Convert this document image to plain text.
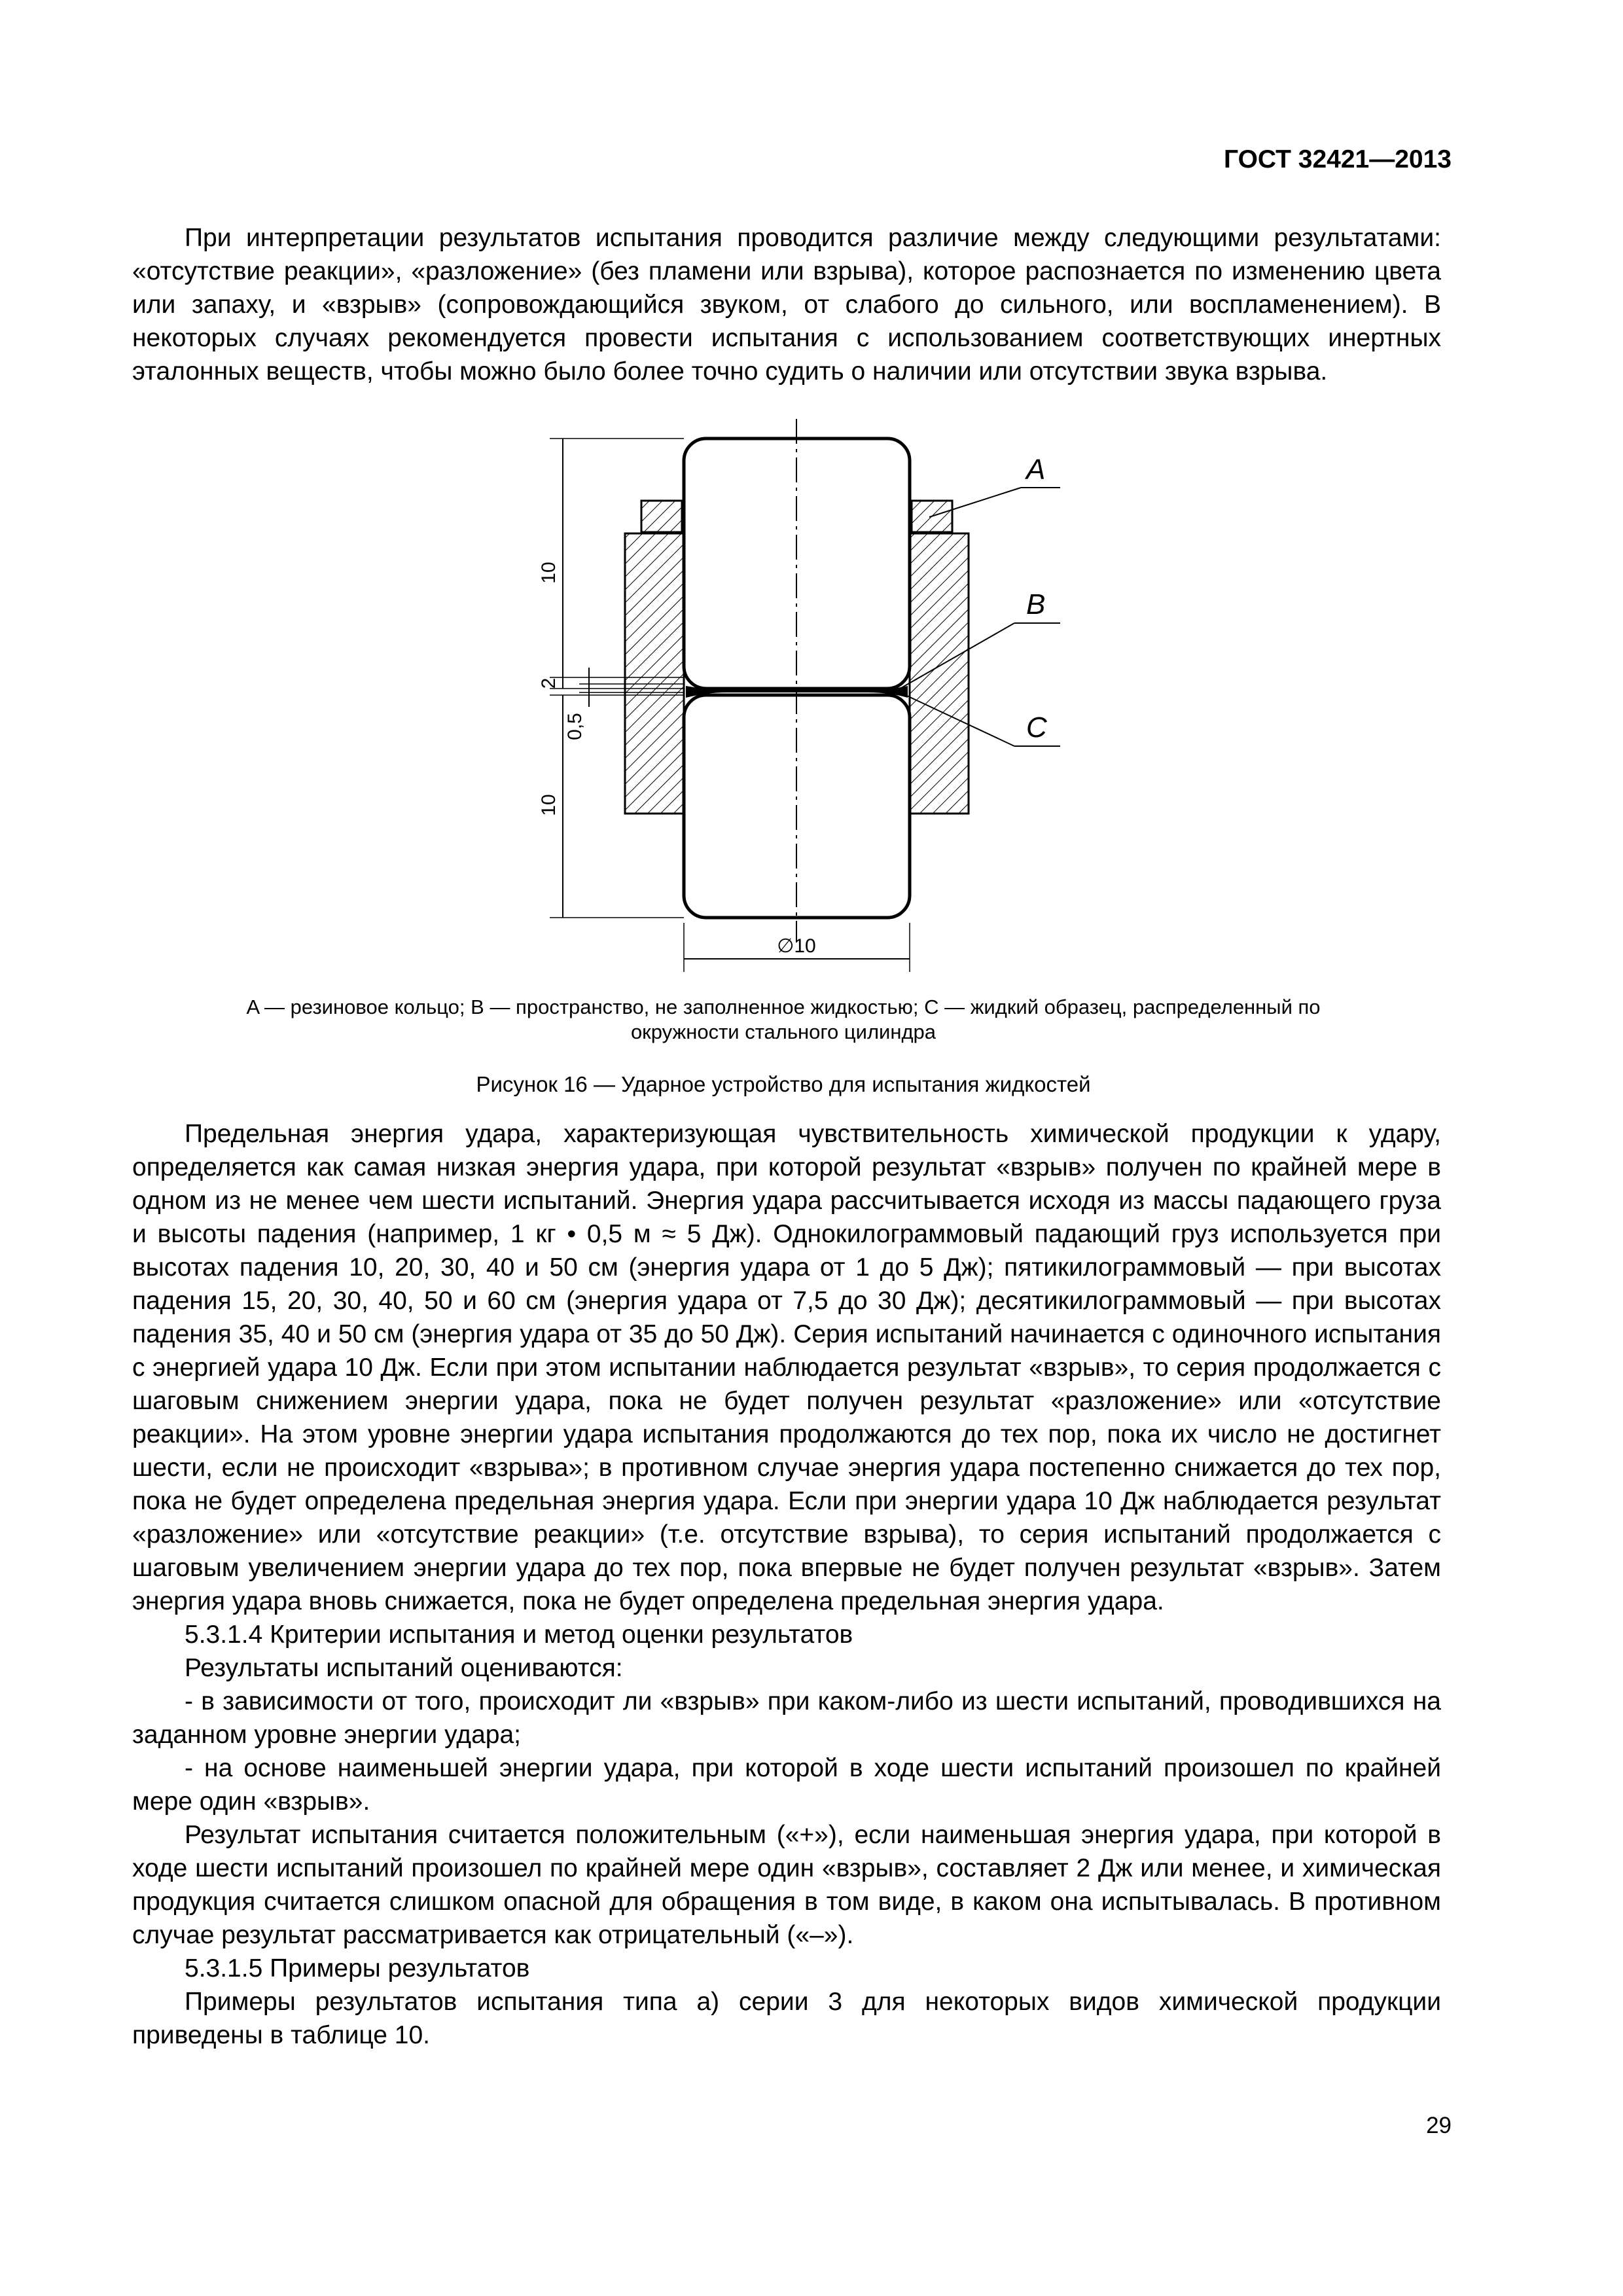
ГОСТ 32421—2013

При интерпретации результатов испытания проводится различие между следующими результатами: «отсутствие реакции», «разложение» (без пламени или взрыва), которое распознается по изменению цвета или запаху, и «взрыв» (сопровождающийся звуком, от слабого до сильного, или воспламенением). В некоторых случаях рекомендуется провести испытания с использованием соответствующих инертных эталонных веществ, чтобы можно было более точно судить о наличии или отсутствии звука взрыва.

A
B
C
10
2
0,5
10
∅10
A — резиновое кольцо; B — пространство, не заполненное жидкостью; C — жидкий образец, распределенный по
окружности стального цилиндра
Рисунок 16 — Ударное устройство для испытания жидкостей

Предельная энергия удара, характеризующая чувствительность химической продукции к удару, определяется как самая низкая энергия удара, при которой результат «взрыв» получен по крайней мере в одном из не менее чем шести испытаний. Энергия удара рассчитывается исходя из массы падающего груза и высоты падения (например, 1 кг • 0,5 м ≈ 5 Дж). Однокилограммовый падающий груз используется при высотах падения 10, 20, 30, 40 и 50 см (энергия удара от 1 до 5 Дж); пятикилограммовый — при высотах падения 15, 20, 30, 40, 50 и 60 см (энергия удара от 7,5 до 30 Дж); десятикилограммовый — при высотах падения 35, 40 и 50 см (энергия удара от 35 до 50 Дж). Серия испытаний начинается с одиночного испытания с энергией удара 10 Дж. Если при этом испытании наблюдается результат «взрыв», то серия продолжается с шаговым снижением энергии удара, пока не будет получен результат «разложение» или «отсутствие реакции». На этом уровне энергии удара испытания продолжаются до тех пор, пока их число не достигнет шести, если не происходит «взрыва»; в противном случае энергия удара постепенно снижается до тех пор, пока не будет определена предельная энергия удара. Если при энергии удара 10 Дж наблюдается результат «разложение» или «отсутствие реакции» (т.е. отсутствие взрыва), то серия испытаний продолжается с шаговым увеличением энергии удара до тех пор, пока впервые не будет получен результат «взрыв». Затем энергия удара вновь снижается, пока не будет определена предельная энергия удара.

5.3.1.4 Критерии испытания и метод оценки результатов

Результаты испытаний оцениваются:

- в зависимости от того, происходит ли «взрыв» при каком-либо из шести испытаний, проводившихся на заданном уровне энергии удара;

- на основе наименьшей энергии удара, при которой в ходе шести испытаний произошел по крайней мере один «взрыв».

Результат испытания считается положительным («+»), если наименьшая энергия удара, при которой в ходе шести испытаний произошел по крайней мере один «взрыв», составляет 2 Дж или менее, и химическая продукция считается слишком опасной для обращения в том виде, в каком она испытывалась. В противном случае результат рассматривается как отрицательный («–»).

5.3.1.5 Примеры результатов

Примеры результатов испытания типа а) серии 3 для некоторых видов химической продукции приведены в таблице 10.

29
